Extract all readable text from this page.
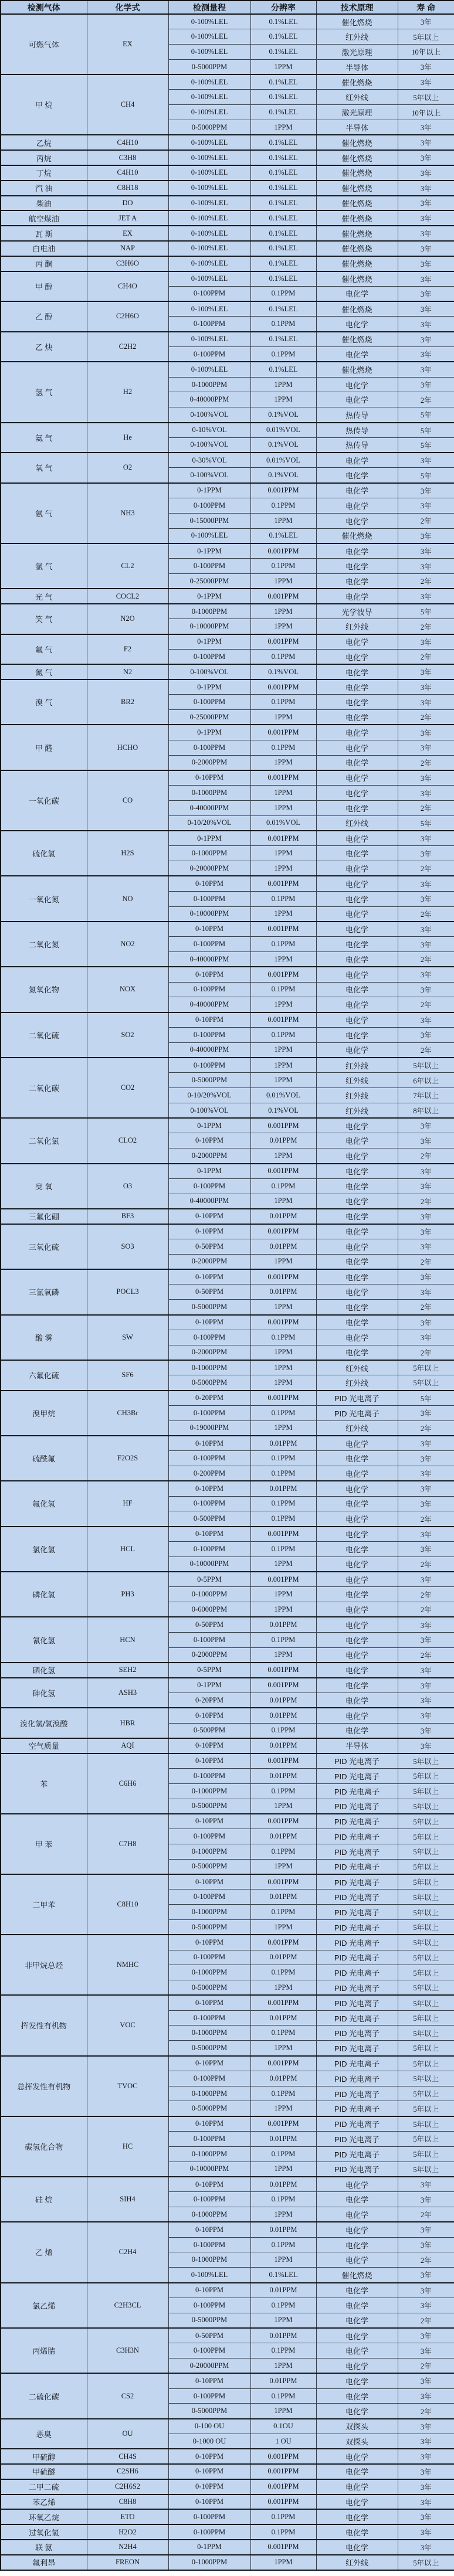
检测气体	化学式	检测量程	分辨率	技术原理	寿 命
可燃气体	EX	0-100%LEL	0.1%LEL	催化燃烧	3年
		0-100%LEL	0.1%LEL	红外线	5年以上
		0-100%LEL	0.1%LEL	激光原理	10年以上
		0-5000PPM	1PPM	半导体	3年
甲 烷	CH4	0-100%LEL	0.1%LEL	催化燃烧	3年
		0-100%LEL	0.1%LEL	红外线	5年以上
		0-100%LEL	0.1%LEL	激光原理	10年以上
		0-5000PPM	1PPM	半导体	3年
乙烷	C4H10	0-100%LEL	0.1%LEL	催化燃烧	3年
丙烷	C3H8	0-100%LEL	0.1%LEL	催化燃烧	3年
丁烷	C4H10	0-100%LEL	0.1%LEL	催化燃烧	3年
汽 油	C8H18	0-100%LEL	0.1%LEL	催化燃烧	3年
柴油	DO	0-100%LEL	0.1%LEL	催化燃烧	3年
航空煤油	JET A	0-100%LEL	0.1%LEL	催化燃烧	3年
瓦 斯	EX	0-100%LEL	0.1%LEL	催化燃烧	3年
白电油	NAP	0-100%LEL	0.1%LEL	催化燃烧	3年
丙 酮	C3H6O	0-100%LEL	0.1%LEL	催化燃烧	3年
甲 醇	CH4O	0-100%LEL	0.1%LEL	催化燃烧	3年
		0-100PPM	0.1PPM	电化学	3年
乙 醇	C2H6O	0-100%LEL	0.1%LEL	催化燃烧	3年
		0-100PPM	0.1PPM	电化学	3年
乙 炔	C2H2	0-100%LEL	0.1%LEL	催化燃烧	3年
		0-100PPM	0.1PPM	电化学	3年
氢 气	H2	0-100%LEL	0.1%LEL	催化燃烧	3年
		0-1000PPM	1PPM	电化学	3年
		0-40000PPM	1PPM	电化学	2年
		0-100%VOL	0.1%VOL	热传导	5年
氦 气	He	0-10%VOL	0.01%VOL	热传导	5年
		0-100%VOL	0.1%VOL	热传导	5年
氧 气	O2	0-30%VOL	0.01%VOL	电化学	3年
		0-100%VOL	0.1%VOL	电化学	5年
氨 气	NH3	0-1PPM	0.001PPM	电化学	3年
		0-100PPM	0.1PPM	电化学	3年
		0-15000PPM	1PPM	电化学	2年
		0-100%LEL	0.1%LEL	催化燃烧	3年
氯 气	CL2	0-1PPM	0.001PPM	电化学	3年
		0-100PPM	0.1PPM	电化学	3年
		0-25000PPM	1PPM	电化学	2年
光 气	COCL2	0-1PPM	0.001PPM	电化学	3年
笑 气	N2O	0-1000PPM	1PPM	光学波导	5年
		0-10000PPM	1PPM	红外线	2年
氟 气	F2	0-1PPM	0.001PPM	电化学	3年
		0-100PPM	0.1PPM	电化学	2年
氮 气	N2	0-100%VOL	0.1%VOL	电化学	3年
溴 气	BR2	0-1PPM	0.001PPM	电化学	3年
		0-100PPM	0.1PPM	电化学	3年
		0-25000PPM	1PPM	电化学	2年
甲 醛	HCHO	0-1PPM	0.001PPM	电化学	3年
		0-100PPM	0.1PPM	电化学	3年
		0-2000PPM	1PPM	电化学	2年
一氧化碳	CO	0-10PPM	0.001PPM	电化学	3年
		0-1000PPM	1PPM	电化学	3年
		0-40000PPM	1PPM	电化学	2年
		0-10/20%VOL	0.01%VOL	红外线	5年
硫化氢	H2S	0-1PPM	0.001PPM	电化学	3年
		0-1000PPM	1PPM	电化学	3年
		0-20000PPM	1PPM	电化学	2年
一氧化氮	NO	0-10PPM	0.001PPM	电化学	3年
		0-100PPM	0.1PPM	电化学	3年
		0-10000PPM	1PPM	电化学	2年
二氧化氮	NO2	0-10PPM	0.001PPM	电化学	3年
		0-100PPM	0.1PPM	电化学	3年
		0-40000PPM	1PPM	电化学	2年
氮氧化物	NOX	0-10PPM	0.001PPM	电化学	3年
		0-100PPM	0.1PPM	电化学	3年
		0-40000PPM	1PPM	电化学	2年
二氧化硫	SO2	0-10PPM	0.001PPM	电化学	3年
		0-100PPM	0.1PPM	电化学	3年
		0-40000PPM	1PPM	电化学	2年
二氧化碳	CO2	0-100PPM	1PPM	红外线	5年以上
		0-5000PPM	1PPM	红外线	6年以上
		0-10/20%VOL	0.01%VOL	红外线	7年以上
		0-100%VOL	0.1%VOL	红外线	8年以上
二氧化氯	CLO2	0-1PPM	0.001PPM	电化学	3年
		0-10PPM	0.01PPM	电化学	3年
		0-2000PPM	1PPM	电化学	2年
臭 氧	O3	0-1PPM	0.001PPM	电化学	3年
		0-100PPM	0.1PPM	电化学	3年
		0-40000PPM	1PPM	电化学	2年
三氟化硼	BF3	0-10PPM	0.01PPM	电化学	3年
三氧化硫	SO3	0-10PPM	0.001PPM	电化学	3年
		0-50PPM	0.01PPM	电化学	3年
		0-2000PPM	1PPM	电化学	2年
三氯氧磷	POCL3	0-10PPM	0.001PPM	电化学	3年
		0-50PPM	0.01PPM	电化学	3年
		0-5000PPM	1PPM	电化学	2年
酸 雾	SW	0-10PPM	0.001PPM	电化学	3年
		0-100PPM	0.1PPM	电化学	3年
		0-2000PPM	1PPM	电化学	2年
六氟化硫	SF6	0-1000PPM	1PPM	红外线	5年以上
		0-5000PPM	1PPM	红外线	5年以上
溴甲烷	CH3Br	0-20PPM	0.001PPM	PID 光电离子	5年
		0-100PPM	0.1PPM	PID 光电离子	3年
		0-19000PPM	1PPM	红外线	2年
硫酰氟	F2O2S	0-10PPM	0.01PPM	电化学	3年
		0-100PPM	0.1PPM	电化学	3年
		0-200PPM	0.1PPM	电化学	3年
氟化氢	HF	0-10PPM	0.01PPM	电化学	3年
		0-100PPM	0.1PPM	电化学	3年
		0-500PPM	0.1PPM	电化学	2年
氯化氢	HCL	0-10PPM	0.001PPM	电化学	3年
		0-100PPM	0.1PPM	电化学	3年
		0-10000PPM	1PPM	电化学	2年
磷化氢	PH3	0-5PPM	0.001PPM	电化学	3年
		0-1000PPM	1PPM	电化学	2年
		0-6000PPM	1PPM	电化学	2年
氰化氢	HCN	0-50PPM	0.01PPM	电化学	3年
		0-100PPM	0.1PPM	电化学	3年
		0-2000PPM	1PPM	电化学	2年
硒化氢	SEH2	0-5PPM	0.001PPM	电化学	3年
砷化氢	ASH3	0-1PPM	0.001PPM	电化学	3年
		0-20PPM	0.01PPM	电化学	3年
溴化氢/氢溴酸	HBR	0-10PPM	0.01PPM	电化学	3年
		0-500PPM	0.1PPM	电化学	3年
空气质量	AQI	0-10PPM	0.01PPM	半导体	3年
苯	C6H6	0-10PPM	0.001PPM	PID 光电离子	5年以上
		0-100PPM	0.01PPM	PID 光电离子	5年以上
		0-1000PPM	0.1PPM	PID 光电离子	5年以上
		0-5000PPM	1PPM	PID 光电离子	5年以上
甲 苯	C7H8	0-10PPM	0.001PPM	PID 光电离子	5年以上
		0-100PPM	0.01PPM	PID 光电离子	5年以上
		0-1000PPM	0.1PPM	PID 光电离子	5年以上
		0-5000PPM	1PPM	PID 光电离子	5年以上
二甲苯	C8H10	0-10PPM	0.001PPM	PID 光电离子	5年以上
		0-100PPM	0.01PPM	PID 光电离子	5年以上
		0-1000PPM	0.1PPM	PID 光电离子	5年以上
		0-5000PPM	1PPM	PID 光电离子	5年以上
非甲烷总烃	NMHC	0-10PPM	0.001PPM	PID 光电离子	5年以上
		0-100PPM	0.01PPM	PID 光电离子	5年以上
		0-1000PPM	0.1PPM	PID 光电离子	5年以上
		0-5000PPM	1PPM	PID 光电离子	5年以上
挥发性有机物	VOC	0-10PPM	0.001PPM	PID 光电离子	5年以上
		0-100PPM	0.01PPM	PID 光电离子	5年以上
		0-1000PPM	0.1PPM	PID 光电离子	5年以上
		0-5000PPM	1PPM	PID 光电离子	5年以上
总挥发性有机物	TVOC	0-10PPM	0.001PPM	PID 光电离子	5年以上
		0-100PPM	0.01PPM	PID 光电离子	5年以上
		0-1000PPM	0.1PPM	PID 光电离子	5年以上
		0-5000PPM	1PPM	PID 光电离子	5年以上
碳氢化合物	HC	0-10PPM	0.001PPM	PID 光电离子	5年以上
		0-100PPM	0.01PPM	PID 光电离子	5年以上
		0-1000PPM	0.1PPM	PID 光电离子	5年以上
		0-10000PPM	1PPM	PID 光电离子	5年以上
硅 烷	SIH4	0-10PPM	0.01PPM	电化学	3年
		0-100PPM	0.1PPM	电化学	3年
		0-1000PPM	1PPM	电化学	2年
乙 烯	C2H4	0-10PPM	0.01PPM	电化学	3年
		0-100PPM	0.1PPM	电化学	3年
		0-1000PPM	1PPM	电化学	2年
		0-100%LEL	0.1%LEL	催化燃烧	3年
氯乙烯	C2H3CL	0-10PPM	0.01PPM	电化学	3年
		0-100PPM	0.1PPM	电化学	3年
		0-5000PPM	1PPM	电化学	2年
丙烯腈	C3H3N	0-50PPM	0.01PPM	电化学	3年
		0-100PPM	0.1PPM	电化学	3年
		0-20000PPM	1PPM	电化学	2年
二硫化碳	CS2	0-10PPM	0.01PPM	电化学	3年
		0-100PPM	0.1PPM	电化学	3年
		0-5000PPM	1PPM	电化学	2年
恶臭	OU	0-100 OU	0.1OU	双探头	3年
		0-1000 OU	1 OU	双探头	3年
甲硫醇	CH4S	0-10PPM	0.001PPM	电化学	3年
甲硫醚	C2SH6	0-10PPM	0.001PPM	电化学	3年
二甲二硫	C2H6S2	0-10PPM	0.001PPM	电化学	3年
苯乙烯	C8H8	0-10PPM	0.001PPM	电化学	3年
环氧乙烷	ETO	0-100PPM	0.1PPM	电化学	3年
过氧化氢	H2O2	0-100PPM	0.1PPM	电化学	3年
联 氨	N2H4	0-1PPM	0.001PPM	电化学	3年
氟利昂	FREON	0-1000PPM	1PPM	红外线	5年以上
